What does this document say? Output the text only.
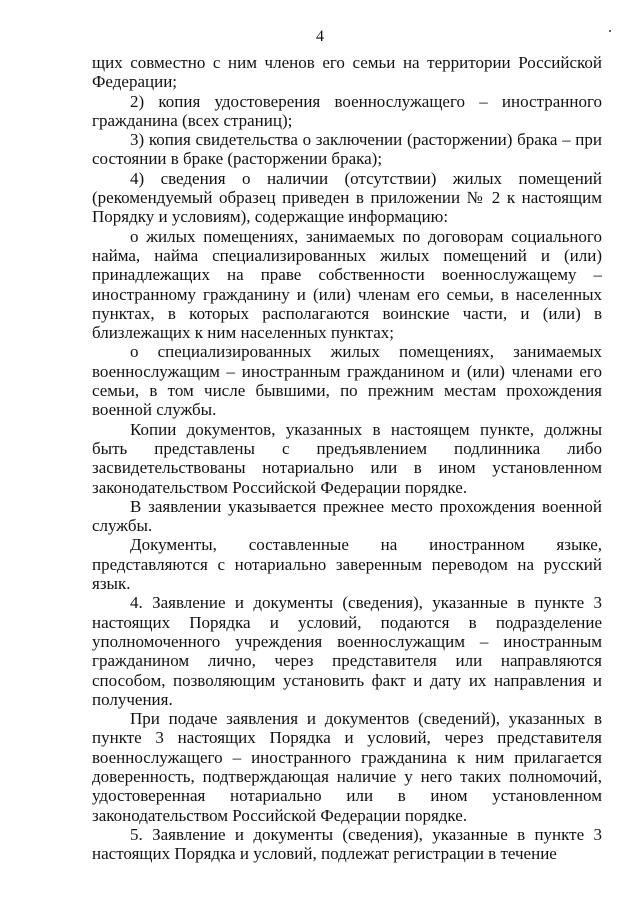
4

щих совместно с ним членов его семьи на территории Российской Федерации;

2) копия удостоверения военнослужащего – иностранного гражданина (всех страниц);

3) копия свидетельства о заключении (расторжении) брака – при состоянии в браке (расторжении брака);

4) сведения о наличии (отсутствии) жилых помещений (рекомендуемый образец приведен в приложении № 2 к настоящим Порядку и условиям), содержащие информацию:

о жилых помещениях, занимаемых по договорам социального найма, найма специализированных жилых помещений и (или) принадлежащих на праве собственности военнослужащему – иностранному гражданину и (или) членам его семьи, в населенных пунктах, в которых располагаются воинские части, и (или) в близлежащих к ним населенных пунктах;

о специализированных жилых помещениях, занимаемых военнослужащим – иностранным гражданином и (или) членами его семьи, в том числе бывшими, по прежним местам прохождения военной службы.

Копии документов, указанных в настоящем пункте, должны быть представлены с предъявлением подлинника либо засвидетельствованы нотариально или в ином установленном законодательством Российской Федерации порядке.

В заявлении указывается прежнее место прохождения военной службы.

Документы, составленные на иностранном языке, представляются с нотариально заверенным переводом на русский язык.

4. Заявление и документы (сведения), указанные в пункте 3 настоящих Порядка и условий, подаются в подразделение уполномоченного учреждения военнослужащим – иностранным гражданином лично, через представителя или направляются способом, позволяющим установить факт и дату их направления и получения.

При подаче заявления и документов (сведений), указанных в пункте 3 настоящих Порядка и условий, через представителя военнослужащего – иностранного гражданина к ним прилагается доверенность, подтверждающая наличие у него таких полномочий, удостоверенная нотариально или в ином установленном законодательством Российской Федерации порядке.

5. Заявление и документы (сведения), указанные в пункте 3 настоящих Порядка и условий, подлежат регистрации в течение
